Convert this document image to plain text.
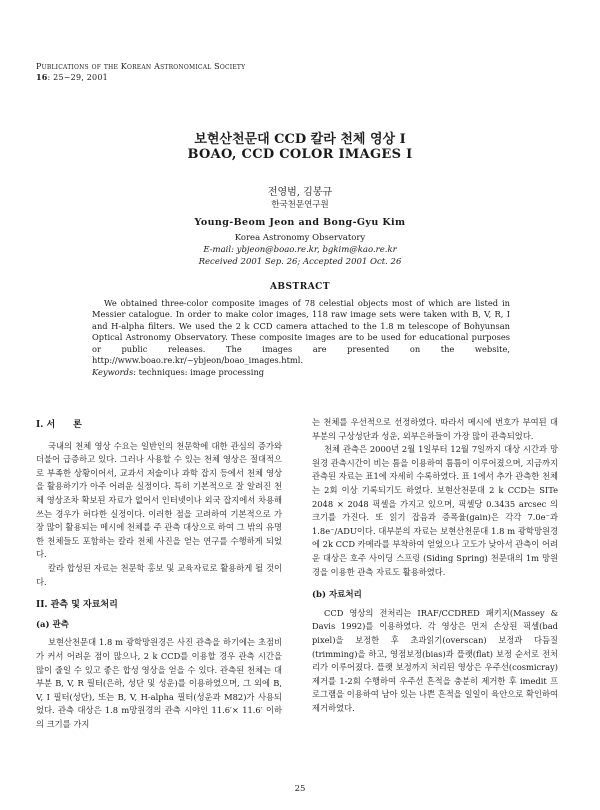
Publications of the Korean Astronomical Society
16: 25~29, 2001
보현산천문대 CCD 칼라 천체 영상 I
BOAO, CCD COLOR IMAGES I
전영범, 김봉규
한국천문연구원
Young-Beom Jeon and Bong-Gyu Kim
Korea Astronomy Observatory
E-mail: ybjeon@boao.re.kr, bgkim@kao.re.kr
Received 2001 Sep. 26; Accepted 2001 Oct. 26
ABSTRACT

We obtained three-color composite images of 78 celestial objects most of which are listed in Messier catalogue. In order to make color images, 118 raw image sets were taken with B, V, R, I and H-alpha filters. We used the 2 k CCD camera attached to the 1.8 m telescope of Bohyunsan Optical Astronomy Observatory. These composite images are to be used for educational purposes or public releases. The images are presented on the website, http://www.boao.re.kr/~ybjeon/boao_images.html.

Keywords: techniques: image processing
I. 서　　론

국내의 천체 영상 수요는 일반인의 천문학에 대한 관심의 증가와 더불어 급증하고 있다. 그러나 사용할 수 있는 천체 영상은 절대적으로 부족한 상황이어서, 교과서 저술이나 과학 잡지 등에서 천체 영상을 활용하기가 아주 어려운 실정이다. 특히 기본적으로 잘 알려진 천체 영상조차 확보된 자료가 없어서 인터넷이나 외국 잡지에서 차용해 쓰는 경우가 허다한 실정이다. 이러한 점을 고려하여 기본적으로 가장 많이 활용되는 메시에 천체를 주 관측 대상으로 하여 그 밖의 유명한 천체들도 포함하는 칼라 천체 사진을 얻는 연구를 수행하게 되었다.

칼라 합성된 자료는 천문학 홍보 및 교육자료로 활용하게 될 것이다.

II. 관측 및 자료처리
(a) 관측

보현산천문대 1.8 m 광학망원경은 사진 관측을 하기에는 초점비가 커서 어려운 점이 많으나, 2 k CCD를 이용할 경우 관측 시간을 많이 줄일 수 있고 좋은 합성 영상을 얻을 수 있다. 관측된 천체는 대부분 B, V, R 필터(은하, 성단 및 성운)를 이용하였으며, 그 외에 B, V, I 필터(성단), 또는 B, V, H-alpha 필터(성운과 M82)가 사용되었다. 관측 대상은 1.8 m망원경의 관측 시야인 11.6′× 11.6′ 이하의 크기를 가지

는 천체를 우선적으로 선정하였다. 따라서 메시에 번호가 부여된 대부분의 구상성단과 성운, 외부은하들이 가장 많이 관측되었다.

천체 관측은 2000년 2월 1일부터 12월 7일까지 대상 시간과 망원경 관측시간이 비는 틈을 이용하여 틈틈이 이루어졌으며, 지금까지 관측된 자료는 표1에 자세히 수록하였다. 표 1에서 추가 관측한 천체는 2회 이상 기록되기도 하였다. 보현산천문대 2 k CCD는 SITe 2048 × 2048 픽셀을 가지고 있으며, 픽셀당 0.3435 arcsec 의 크기를 가진다. 또 읽기 잡음과 증폭율(gain)은 각각 7.0e⁻과 1.8e⁻/ADU이다. 대부분의 자료는 보현산천문대 1.8 m 광학망원경에 2k CCD 카메라를 부착하여 얻었으나 고도가 낮아서 관측이 어려운 대상은 호주 사이딩 스프링 (Siding Spring) 천문대의 1m 망원경을 이용한 관측 자료도 활용하였다.

(b) 자료처리

CCD 영상의 전처리는 IRAF/CCDRED 패키지(Massey & Davis 1992)를 이용하였다. 각 영상은 먼저 손상된 픽셀(bad pixel)을 보정한 후 초과읽기(overscan) 보정과 다듬질(trimming)을 하고, 영점보정(bias)과 플랫(flat) 보정 순서로 전처리가 이루어졌다. 플랫 보정까지 처리된 영상은 우주선(cosmicray) 제거를 1-2회 수행하여 우주선 흔적을 충분히 제거한 후 imedit 프로그램을 이용하여 남아 있는 나쁜 흔적을 일일이 육안으로 확인하여 제거하였다.

25
